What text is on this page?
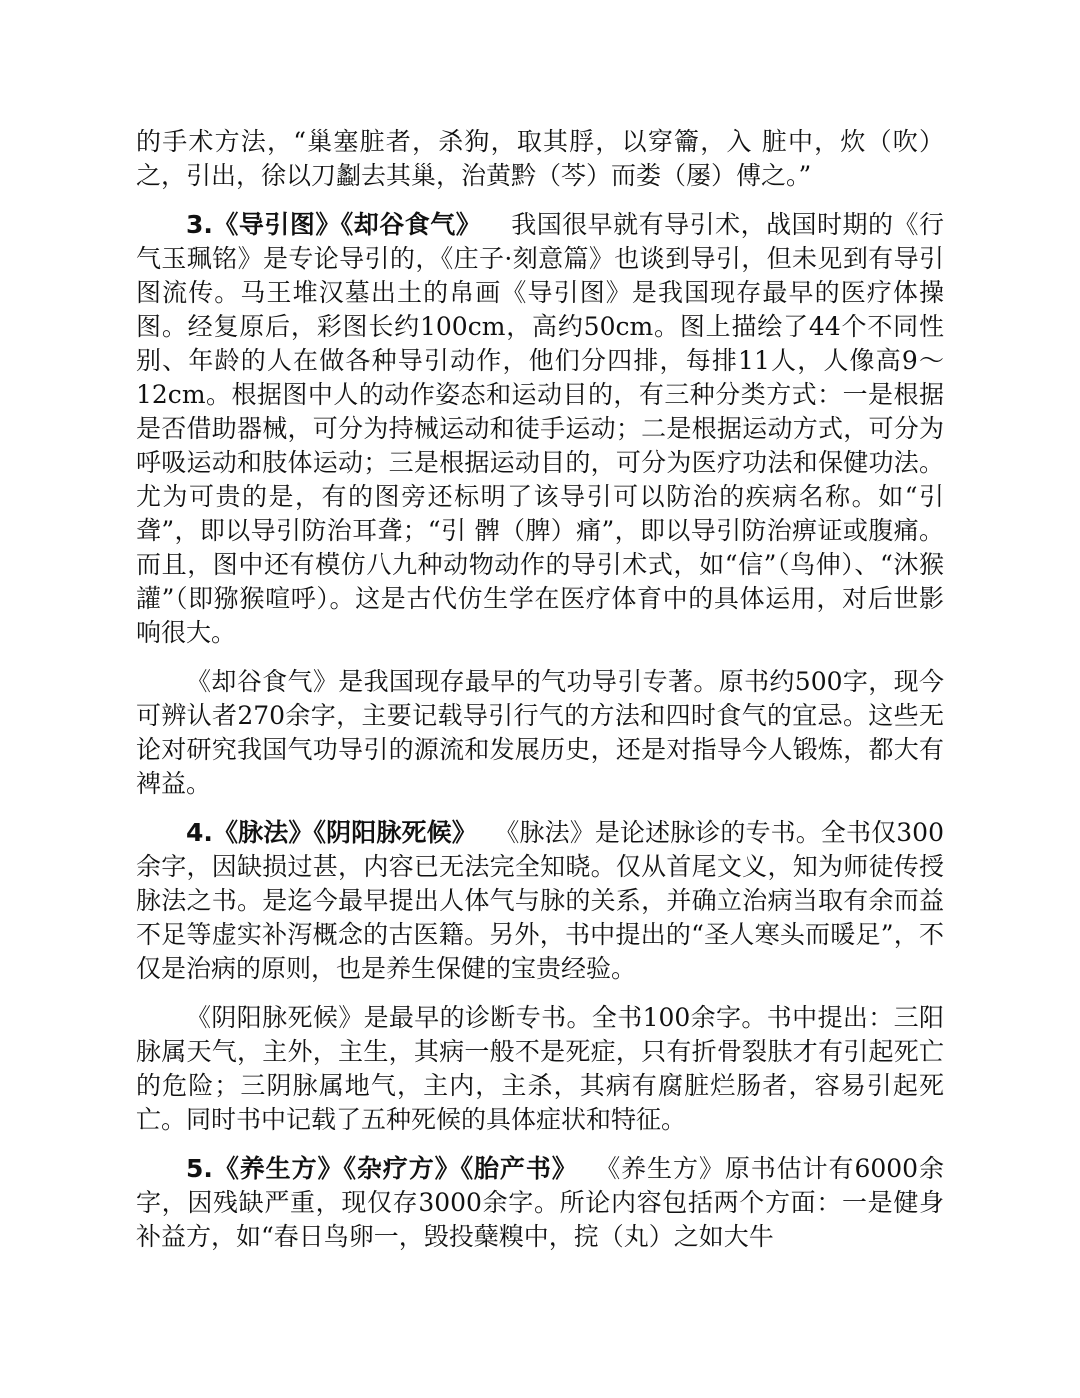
的手术方法，“巢塞脏者，杀狗，取其脬，以穿籥，入 脏中，炊（吹）之，引出，徐以刀劙去其巢，治黄黔（芩）而娄（屡）傅之。”

3.《导引图》《却谷食气》 我国很早就有导引术，战国时期的《行气玉珮铭》是专论导引的，《庄子·刻意篇》也谈到导引，但未见到有导引图流传。马王堆汉墓出土的帛画《导引图》是我国现存最早的医疗体操图。经复原后，彩图长约100cm，高约50cm。图上描绘了44个不同性别、年龄的人在做各种导引动作，他们分四排，每排11人，人像高9～12cm。根据图中人的动作姿态和运动目的，有三种分类方式：一是根据是否借助器械，可分为持械运动和徒手运动；二是根据运动方式，可分为呼吸运动和肢体运动；三是根据运动目的，可分为医疗功法和保健功法。尤为可贵的是，有的图旁还标明了该导引可以防治的疾病名称。如“引聋”，即以导引防治耳聋；“引 髀（脾）痛”，即以导引防治痹证或腹痛。而且，图中还有模仿八九种动物动作的导引术式，如“信”（鸟伸）、“沐猴讙”（即猕猴喧呼）。这是古代仿生学在医疗体育中的具体运用，对后世影响很大。

《却谷食气》是我国现存最早的气功导引专著。原书约500字，现今可辨认者270余字，主要记载导引行气的方法和四时食气的宜忌。这些无论对研究我国气功导引的源流和发展历史，还是对指导今人锻炼，都大有裨益。

4.《脉法》《阴阳脉死候》 《脉法》是论述脉诊的专书。全书仅300余字，因缺损过甚，内容已无法完全知晓。仅从首尾文义，知为师徒传授脉法之书。是迄今最早提出人体气与脉的关系，并确立治病当取有余而益不足等虚实补泻概念的古医籍。另外，书中提出的“圣人寒头而暖足”，不仅是治病的原则，也是养生保健的宝贵经验。

《阴阳脉死候》是最早的诊断专书。全书100余字。书中提出：三阳脉属天气，主外，主生，其病一般不是死症，只有折骨裂肤才有引起死亡的危险；三阴脉属地气，主内，主杀，其病有腐脏烂肠者，容易引起死亡。同时书中记载了五种死候的具体症状和特征。

5.《养生方》《杂疗方》《胎产书》 《养生方》原书估计有6000余字，因残缺严重，现仅存3000余字。所论内容包括两个方面：一是健身补益方，如“春日鸟卵一，毁投蘖糗中，捖（丸）之如大牛
